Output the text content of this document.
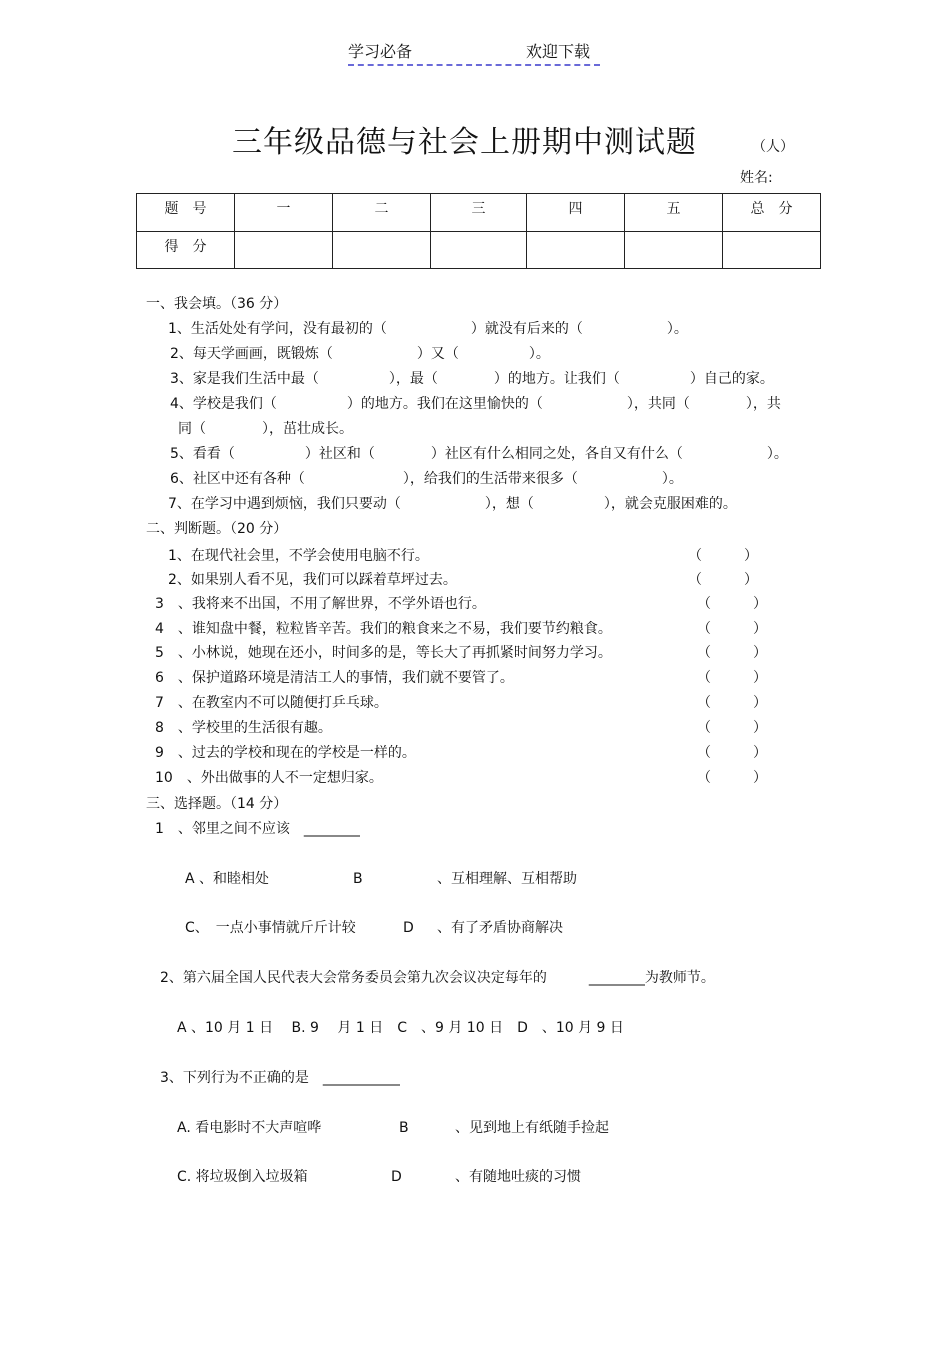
学习必备	欢迎下载
三年级品德与社会上册期中测试题	（人）
姓名:
题　号	一	二	三	四	五	总　分
得　分						
一、我会填。（36 分）
1、生活处处有学问，没有最初的（　　　　　　）就没有后来的（　　　　　　）。
2、每天学画画，既锻炼（　　　　　　）又（　　　　　）。
3、家是我们生活中最（　　　　　），最（　　　　）的地方。让我们（　　　　　）自己的家。
4、学校是我们（　　　　　）的地方。我们在这里愉快的（　　　　　　），共同（　　　　），共
同（　　　　），茁壮成长。
5、看看（　　　　　）社区和（　　　　）社区有什么相同之处，各自又有什么（　　　　　　）。
6、社区中还有各种（　　　　　　　），给我们的生活带来很多（　　　　　　）。
7、在学习中遇到烦恼，我们只要动（　　　　　　），想（　　　　　），就会克服困难的。
二、判断题。（20 分）
1、在现代社会里，不学会使用电脑不行。	（　　　）
2、如果别人看不见，我们可以踩着草坪过去。	（　　　）
3　、我将来不出国，不用了解世界，不学外语也行。	（　　　）
4　、谁知盘中餐，粒粒皆辛苦。我们的粮食来之不易，我们要节约粮食。	（　　　）
5　、小林说，她现在还小，时间多的是，等长大了再抓紧时间努力学习。	（　　　）
6　、保护道路环境是清洁工人的事情，我们就不要管了。	（　　　）
7　、在教室内不可以随便打乒乓球。	（　　　）
8　、学校里的生活很有趣。	（　　　）
9　、过去的学校和现在的学校是一样的。	（　　　）
10　、外出做事的人不一定想归家。	（　　　）
三、选择题。（14 分）
1　、邻里之间不应该　________
A 、和睦相处	B	、互相理解、互相帮助
C、　一点小事情就斤斤计较	D 、有了矛盾协商解决
2、第六届全国人民代表大会常务委员会第九次会议决定每年的　　　________为教师节。
A 、10 月 1 日　 B. 9　 月 1 日　C　、9 月 10 日　D　、10 月 9 日
3、下列行为不正确的是　___________
A. 看电影时不大声喧哗	B	、见到地上有纸随手捡起
C. 将垃圾倒入垃圾箱	D	、有随地吐痰的习惯
